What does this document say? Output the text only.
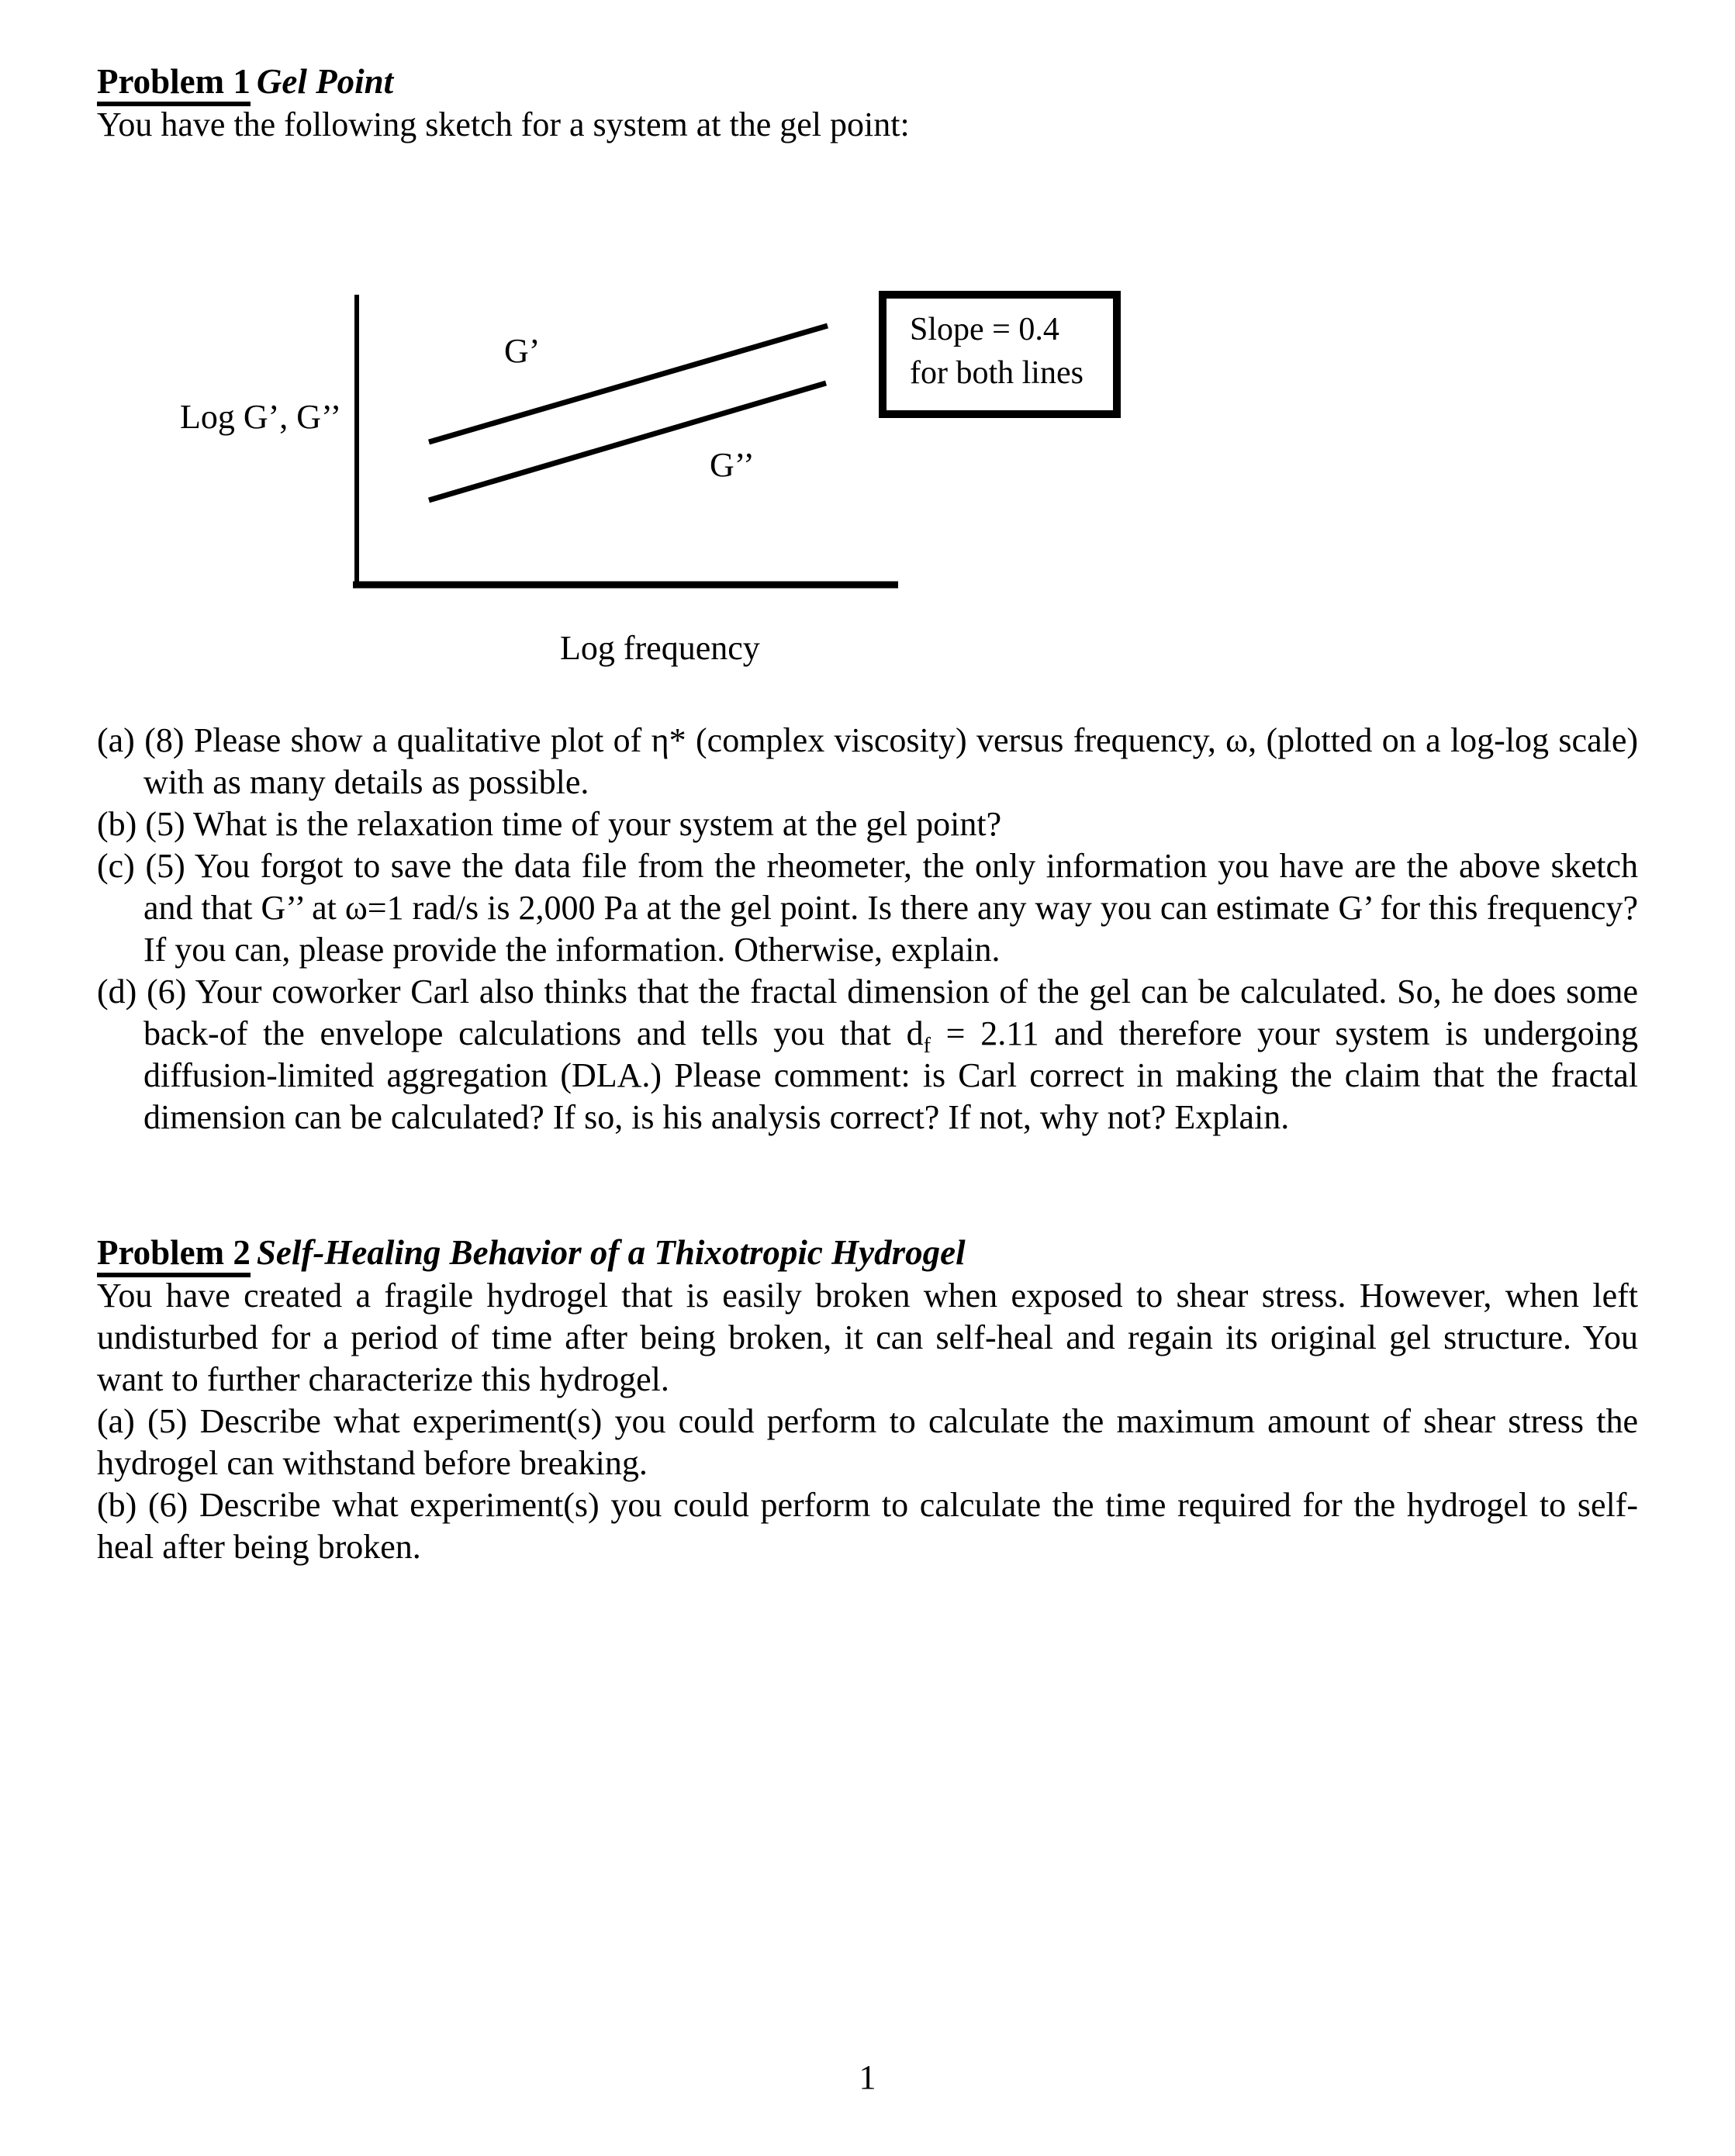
Problem 1 Gel Point

You have the following sketch for a system at the gel point:

G’
G’’
Log G’, G’’
Slope = 0.4
for both lines
Log frequency

(a) (8) Please show a qualitative plot of η* (complex viscosity) versus frequency, ω, (plotted on a log-log scale) with as many details as possible.

(b) (5) What is the relaxation time of your system at the gel point?

(c) (5) You forgot to save the data file from the rheometer, the only information you have are the above sketch and that G’’ at ω=1 rad/s is 2,000 Pa at the gel point. Is there any way you can estimate G’ for this frequency? If you can, please provide the information. Otherwise, explain.

(d) (6) Your coworker Carl also thinks that the fractal dimension of the gel can be calculated. So, he does some back-of the envelope calculations and tells you that $d_f = 2.11$ and therefore your system is undergoing diffusion-limited aggregation (DLA.) Please comment: is Carl correct in making the claim that the fractal dimension can be calculated? If so, is his analysis correct? If not, why not? Explain.

Problem 2 Self-Healing Behavior of a Thixotropic Hydrogel

You have created a fragile hydrogel that is easily broken when exposed to shear stress. However, when left undisturbed for a period of time after being broken, it can self-heal and regain its original gel structure. You want to further characterize this hydrogel.

(a) (5) Describe what experiment(s) you could perform to calculate the maximum amount of shear stress the hydrogel can withstand before breaking.

(b) (6) Describe what experiment(s) you could perform to calculate the time required for the hydrogel to self-heal after being broken.

1
